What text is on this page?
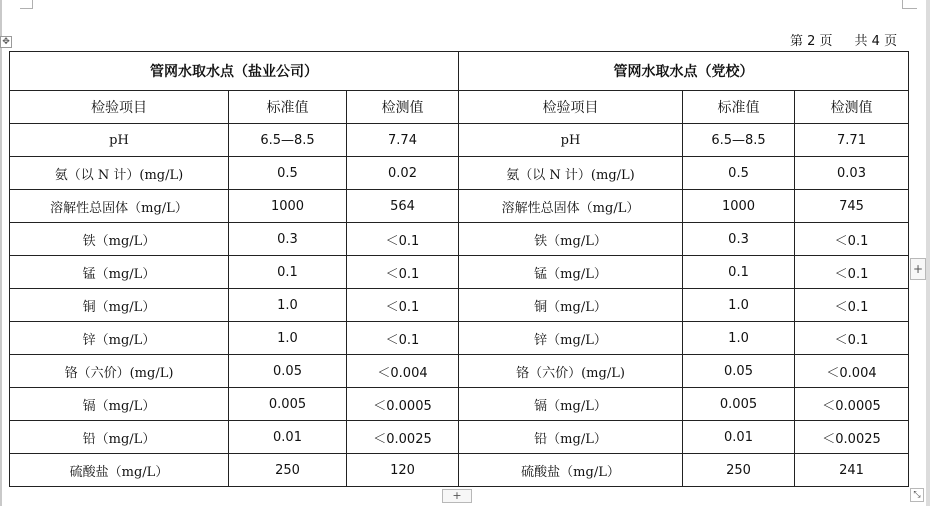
第 2 页 共 4 页
✥
管网水取水点（盐业公司）			管网水取水点（党校）		
检验项目	标准值	检测值	检验项目	标准值	检测值
pH	6.5—8.5	7.74	pH	6.5—8.5	7.71
氨（以 N 计）(mg/L)	0.5	0.02	氨（以 N 计）(mg/L)	0.5	0.03
溶解性总固体（mg/L）	1000	564	溶解性总固体（mg/L）	1000	745
铁（mg/L）	0.3	＜0.1	铁（mg/L）	0.3	＜0.1
锰（mg/L）	0.1	＜0.1	锰（mg/L）	0.1	＜0.1
铜（mg/L）	1.0	＜0.1	铜（mg/L）	1.0	＜0.1
锌（mg/L）	1.0	＜0.1	锌（mg/L）	1.0	＜0.1
铬（六价）(mg/L)	0.05	＜0.004	铬（六价）(mg/L)	0.05	＜0.004
镉（mg/L）	0.005	＜0.0005	镉（mg/L）	0.005	＜0.0005
铅（mg/L）	0.01	＜0.0025	铅（mg/L）	0.01	＜0.0025
硫酸盐（mg/L）	250	120	硫酸盐（mg/L）	250	241
+
+	⤡
